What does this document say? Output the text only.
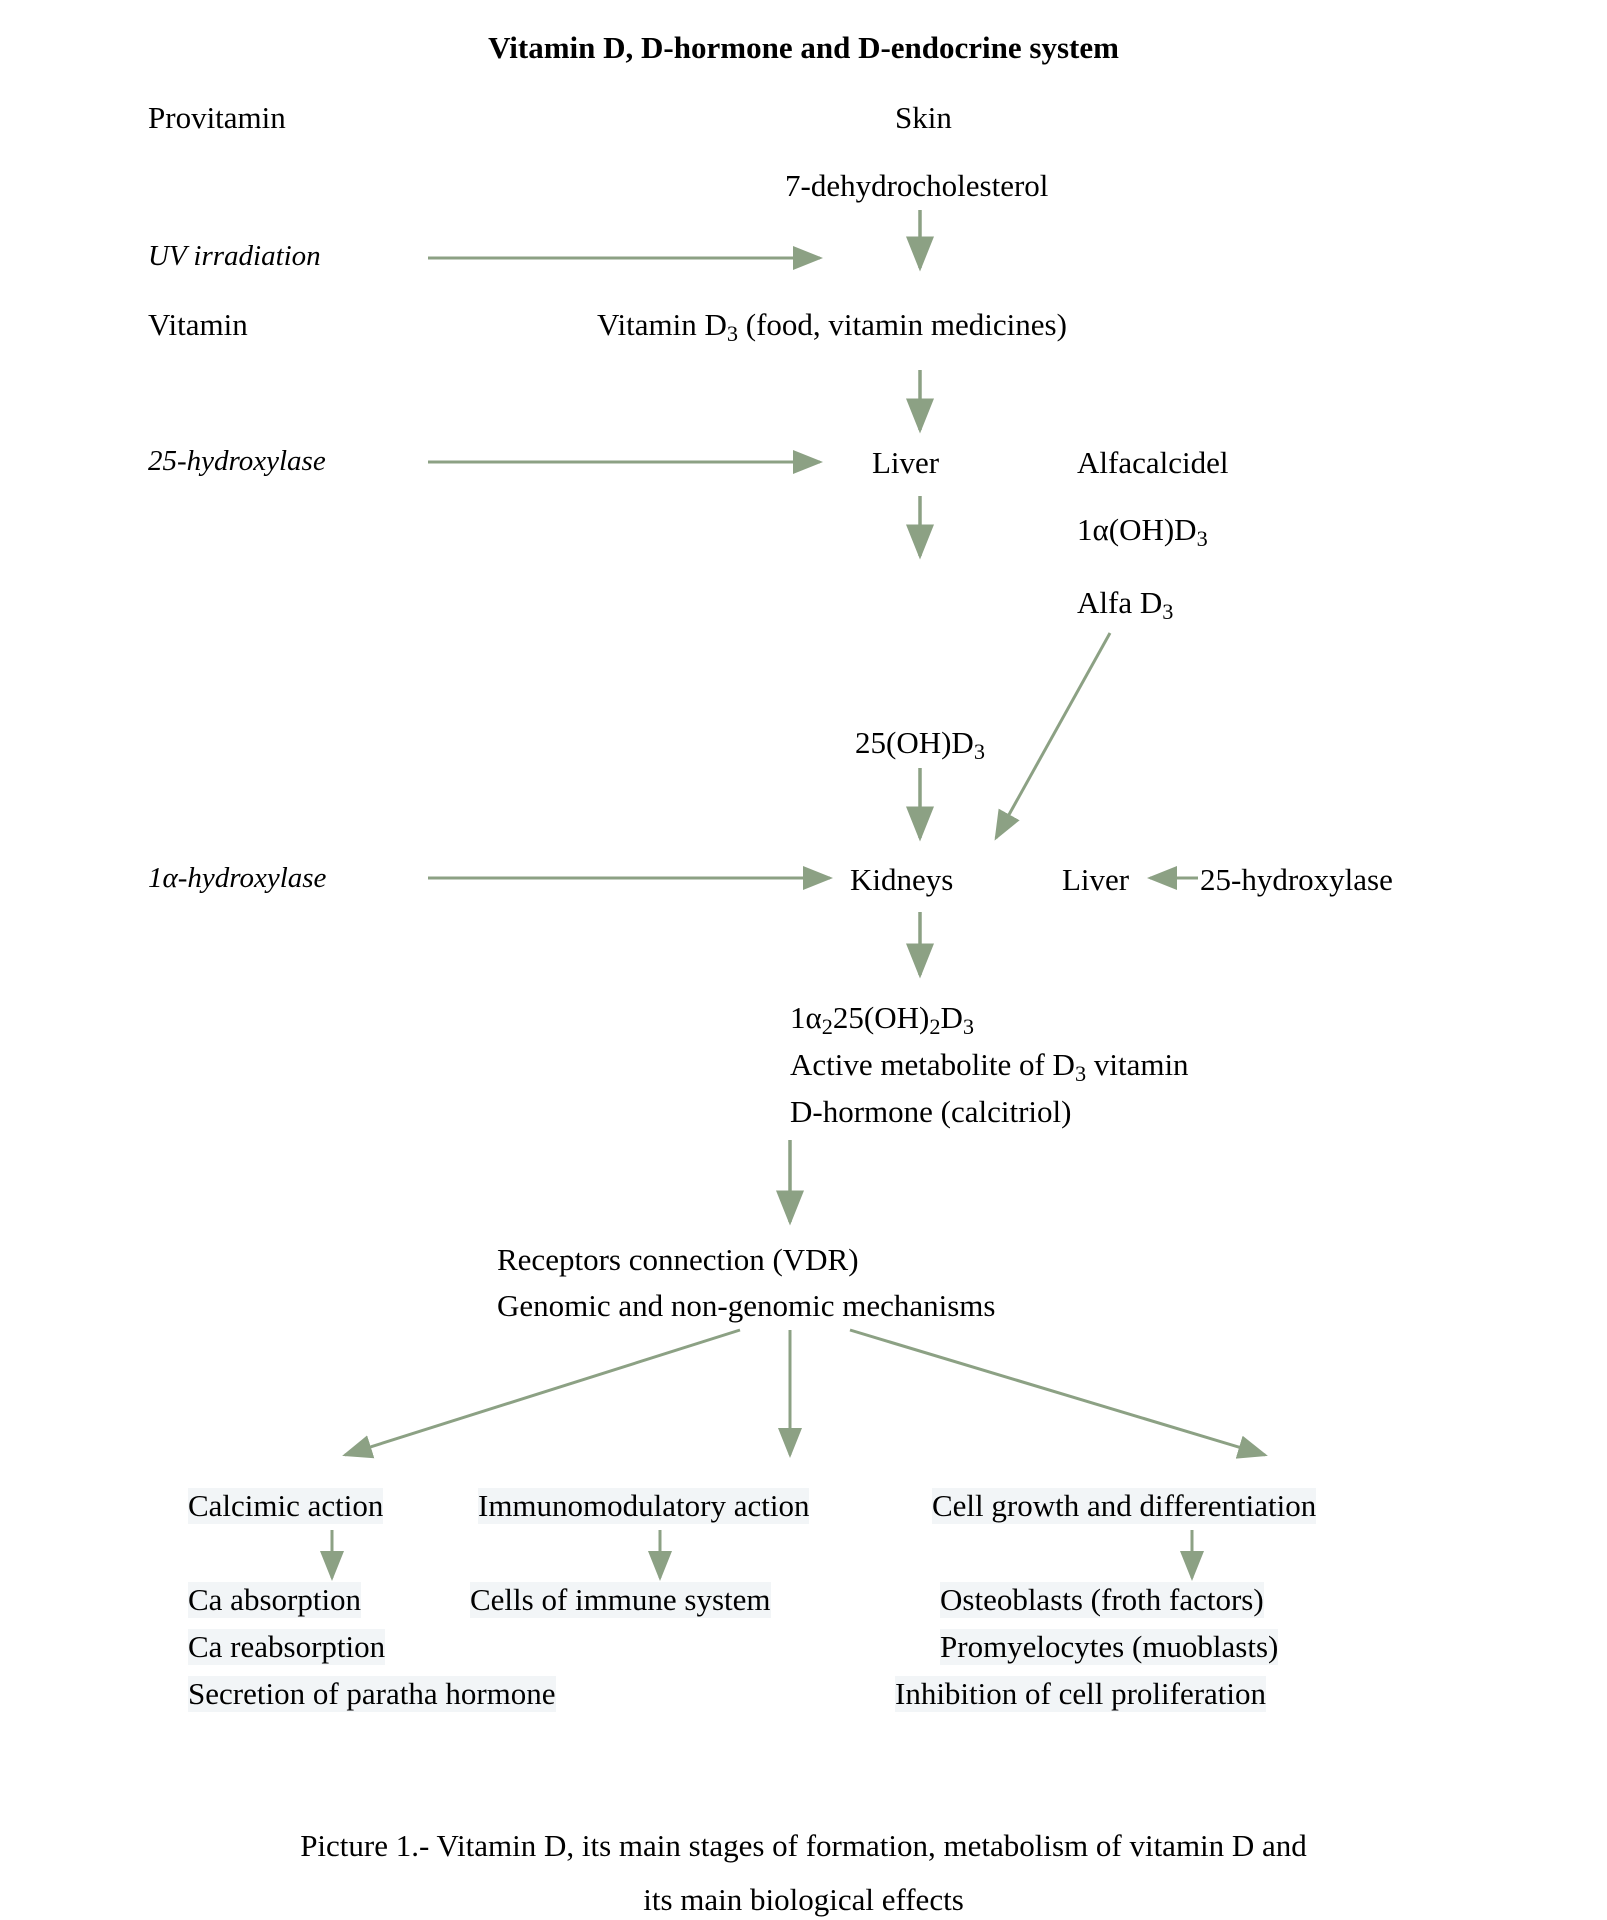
Vitamin D, D-hormone and D-endocrine system
Provitamin	Skin
7-dehydrocholesterol
UV irradiation
Vitamin	Vitamin $D_3$ (food, vitamin medicines)
25-hydroxylase	Liver	Alfacalcidel
$1\alpha(OH)D_3$
Alfa $D_3$
$25(OH)D_3$
1α-hydroxylase	Kidneys	Liver 25-hydroxylase
$1\alpha_225(OH)_2D_3$
Active metabolite of $D_3$ vitamin
D-hormone (calcitriol)
Receptors connection (VDR)
Genomic and non-genomic mechanisms
Calcimic action	Immunomodulatory action	Cell growth and differentiation
Ca absorption
Ca reabsorption
Secretion of paratha hormone
Cells of immune system	Osteoblasts (froth factors)
Promyelocytes (muoblasts)
Inhibition of cell proliferation
Picture 1.- Vitamin D, its main stages of formation, metabolism of vitamin D and
its main biological effects
